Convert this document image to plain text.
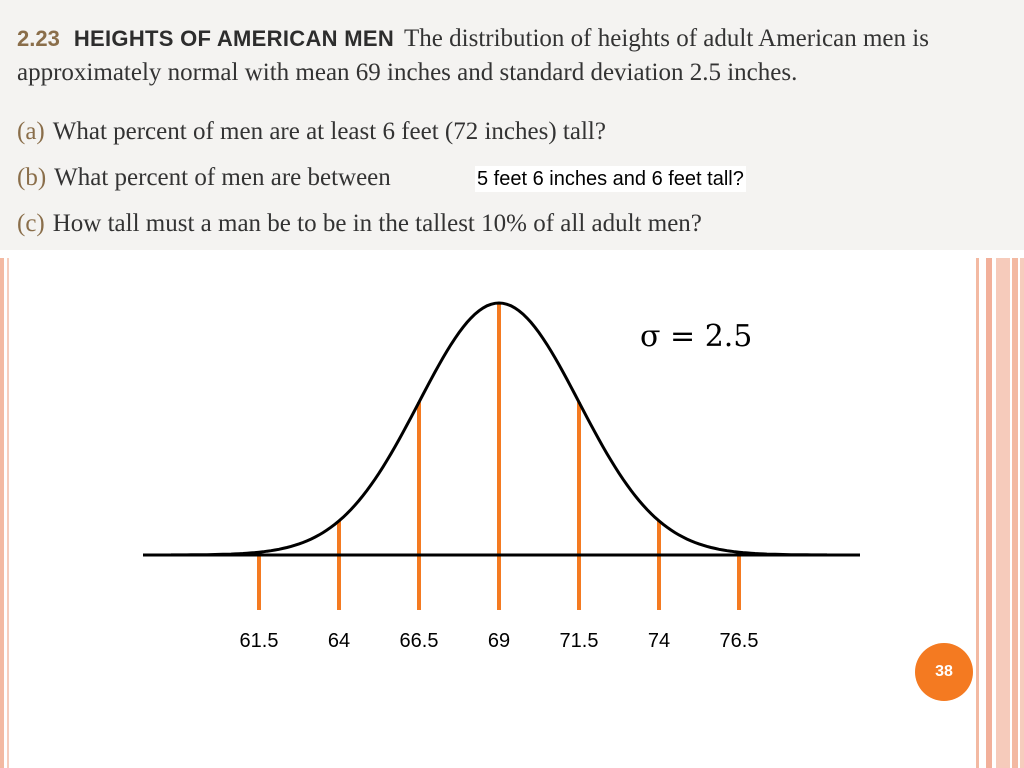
2.23 HEIGHTS OF AMERICAN MEN The distribution of heights of adult American men is
approximately normal with mean 69 inches and standard deviation 2.5 inches.
(a) What percent of men are at least 6 feet (72 inches) tall?
(b) What percent of men are between
(c) How tall must a man be to be in the tallest 10% of all adult men?
5 feet 6 inches and 6 feet tall?
61.5 64 66.5 69 71.5 74 76.5
σ = 2.5
38
